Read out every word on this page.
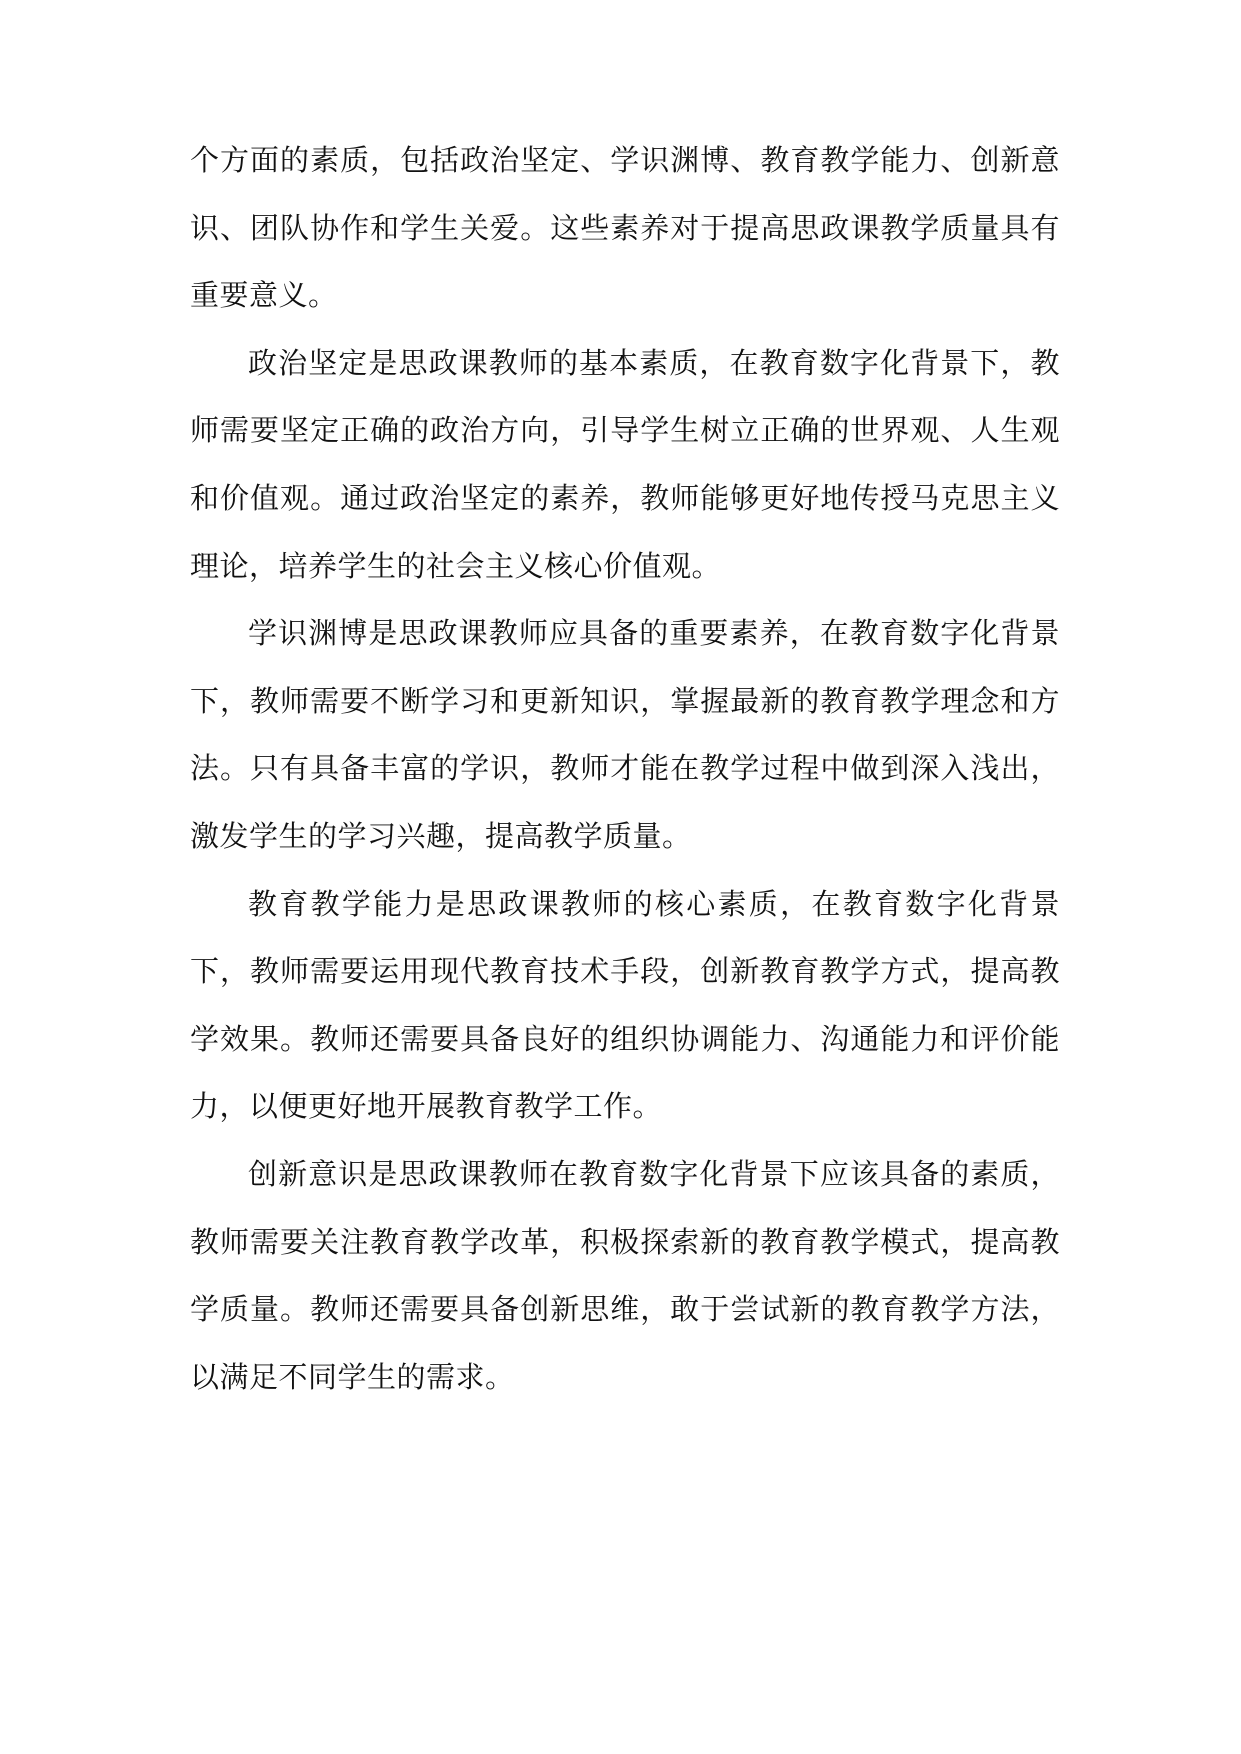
个方面的素质，包括政治坚定、学识渊博、教育教学能力、创新意识、团队协作和学生关爱。这些素养对于提高思政课教学质量具有重要意义。

政治坚定是思政课教师的基本素质，在教育数字化背景下，教师需要坚定正确的政治方向，引导学生树立正确的世界观、人生观和价值观。通过政治坚定的素养，教师能够更好地传授马克思主义理论，培养学生的社会主义核心价值观。

学识渊博是思政课教师应具备的重要素养，在教育数字化背景下，教师需要不断学习和更新知识，掌握最新的教育教学理念和方法。只有具备丰富的学识，教师才能在教学过程中做到深入浅出，激发学生的学习兴趣，提高教学质量。

教育教学能力是思政课教师的核心素质，在教育数字化背景下，教师需要运用现代教育技术手段，创新教育教学方式，提高教学效果。教师还需要具备良好的组织协调能力、沟通能力和评价能力，以便更好地开展教育教学工作。

创新意识是思政课教师在教育数字化背景下应该具备的素质，教师需要关注教育教学改革，积极探索新的教育教学模式，提高教学质量。教师还需要具备创新思维，敢于尝试新的教育教学方法，以满足不同学生的需求。
